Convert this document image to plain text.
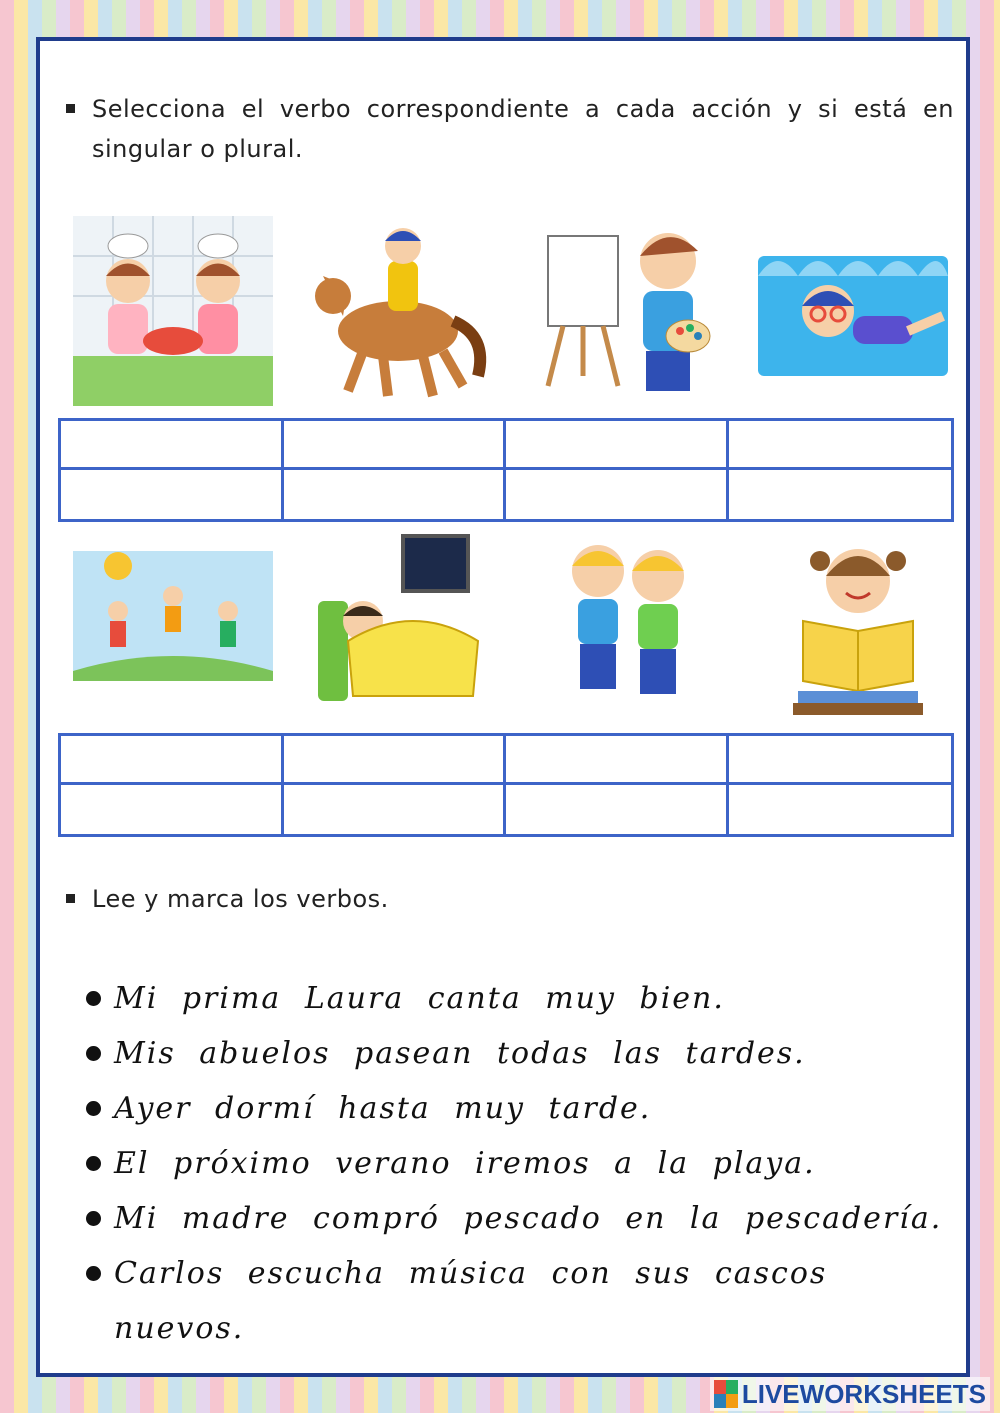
Selecciona el verbo correspondiente a cada acción y si está en singular o plural.
Lee y marca los verbos.
Mi prima Laura canta muy bien.
Mis abuelos pasean todas las tardes.
Ayer dormí hasta muy tarde.
El próximo verano iremos a la playa.
Mi madre compró pescado en la pescadería.
Carlos escucha música con sus cascos nuevos.
LIVEWORKSHEETS
